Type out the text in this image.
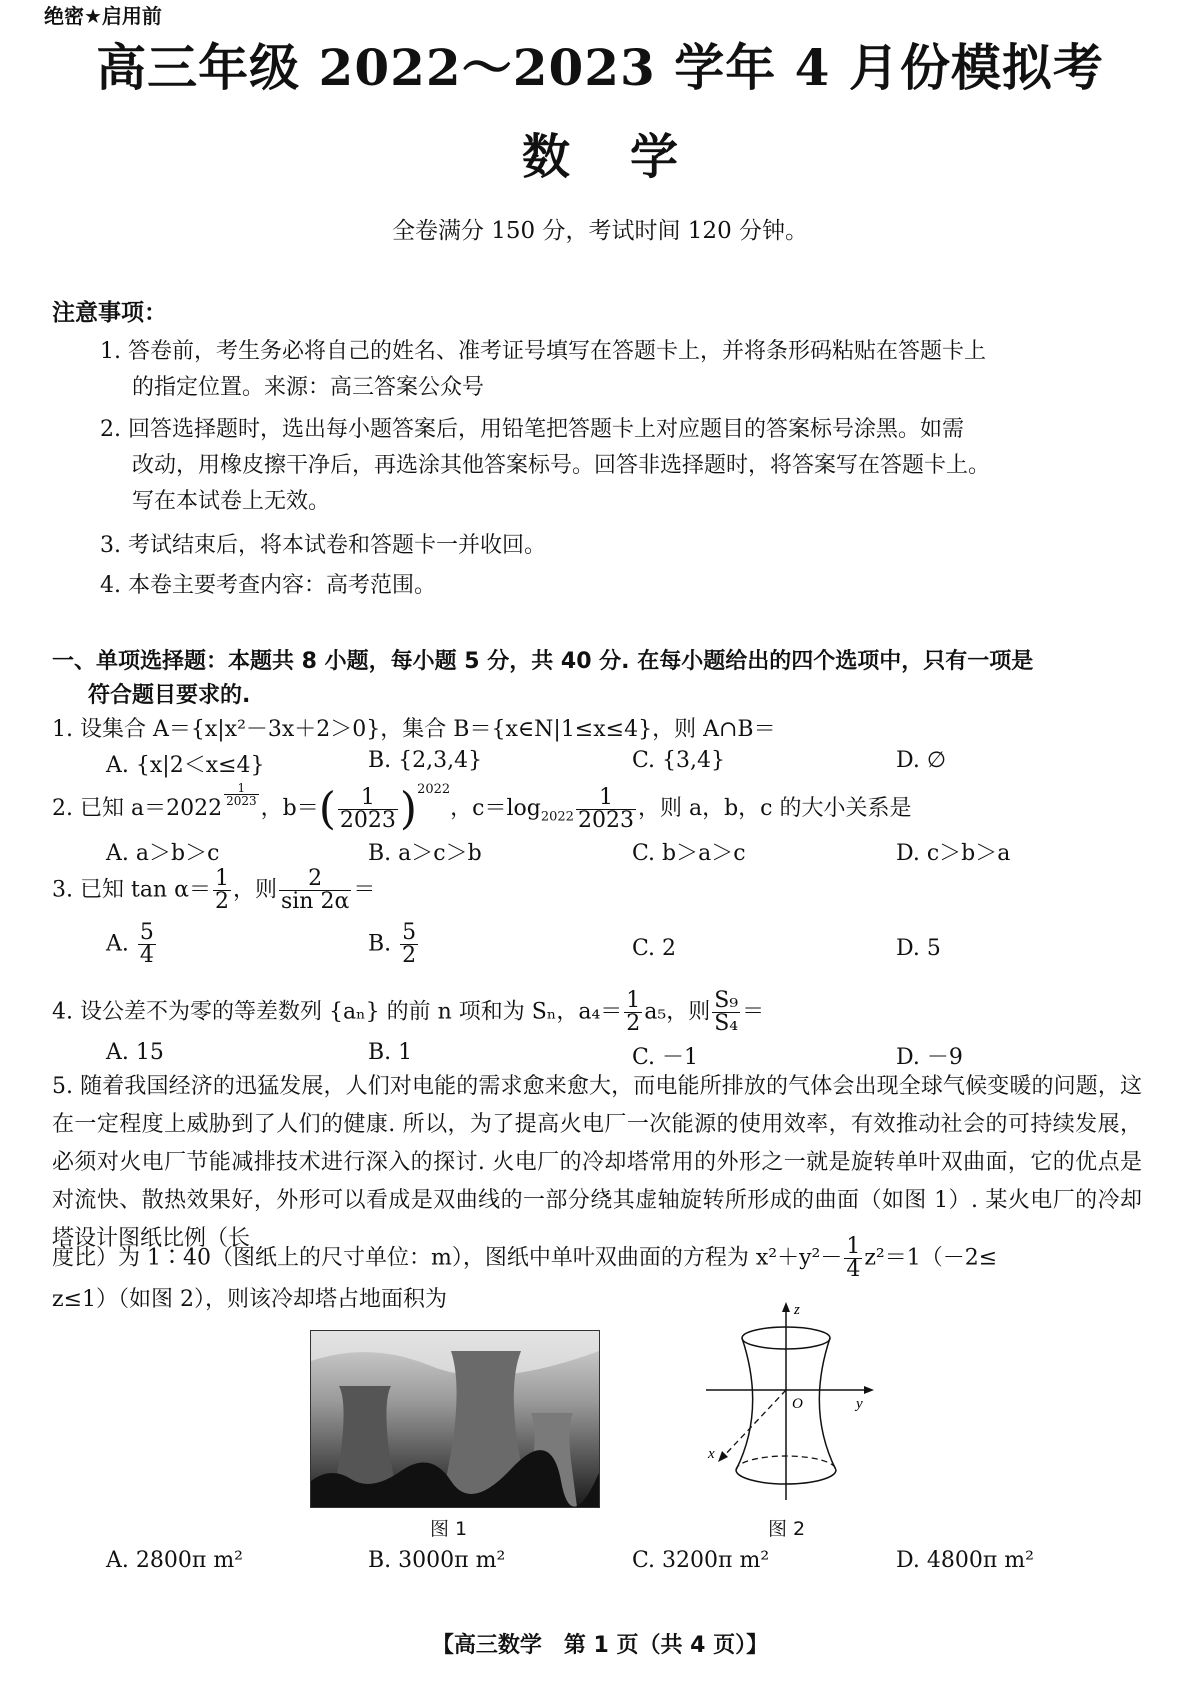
绝密★启用前
高三年级 2022～2023 学年 4 月份模拟考
数学
全卷满分 150 分，考试时间 120 分钟。
注意事项：
1. 答卷前，考生务必将自己的姓名、准考证号填写在答题卡上，并将条形码粘贴在答题卡上
的指定位置。来源：高三答案公众号
2. 回答选择题时，选出每小题答案后，用铅笔把答题卡上对应题目的答案标号涂黑。如需
改动，用橡皮擦干净后，再选涂其他答案标号。回答非选择题时，将答案写在答题卡上。
写在本试卷上无效。
3. 考试结束后，将本试卷和答题卡一并收回。
4. 本卷主要考查内容：高考范围。
一、单项选择题：本题共 8 小题，每小题 5 分，共 40 分. 在每小题给出的四个选项中，只有一项是
符合题目要求的.
1. 设集合 A＝{x|x²－3x＋2＞0}，集合 B＝{x∈N|1≤x≤4}，则 A∩B＝
A. {x|2＜x≤4}	B. {2,3,4}	C. {3,4}	D. ∅
2. 已知 a＝2022
$\frac{1}{2023}$
，$b=( \frac{1}{2023} )^{2022}$，$c=\log_{2022} \frac{1}{2023}$ ，则 a，b，c 的大小关系是
A. a＞b＞c	B. a＞c＞b	C. b＞a＞c	D. c＞b＞a
3. 已知 $\tan \alpha= \frac{1}{2}$ ，则 $\frac{2}{\sin 2\alpha}$ ＝
A. $\frac{5}{4}$	B. $\frac{5}{2}$	C. 2	D. 5
4. 设公差不为零的等差数列 {aₙ} 的前 n 项和为 Sₙ，$a_4= \frac{1}{2} a_5$，则 $\frac{\text{S₉}}{\text{S₄}}$ ＝
A. 15	B. 1	C. －1	D. －9
5. 随着我国经济的迅猛发展，人们对电能的需求愈来愈大，而电能所排放的气体会出现全球气候变暖的问题，这在一定程度上威胁到了人们的健康. 所以，为了提高火电厂一次能源的使用效率，有效推动社会的可持续发展，必须对火电厂节能减排技术进行深入的探讨. 火电厂的冷却塔常用的外形之一就是旋转单叶双曲面，它的优点是对流快、散热效果好，外形可以看成是双曲线的一部分绕其虚轴旋转所形成的曲面（如图 1）. 某火电厂的冷却塔设计图纸比例（长
度比）为 1∶40（图纸上的尺寸单位：m），图纸中单叶双曲面的方程为 $x^2+y^2- \frac{1}{4} z^2=1(-2\le$
z≤1）（如图 2），则该冷却塔占地面积为
图 1
z
y
x
O
图 2
A. 2800π m²	B. 3000π m²	C. 3200π m²	D. 4800π m²
【高三数学　第 1 页（共 4 页）】
